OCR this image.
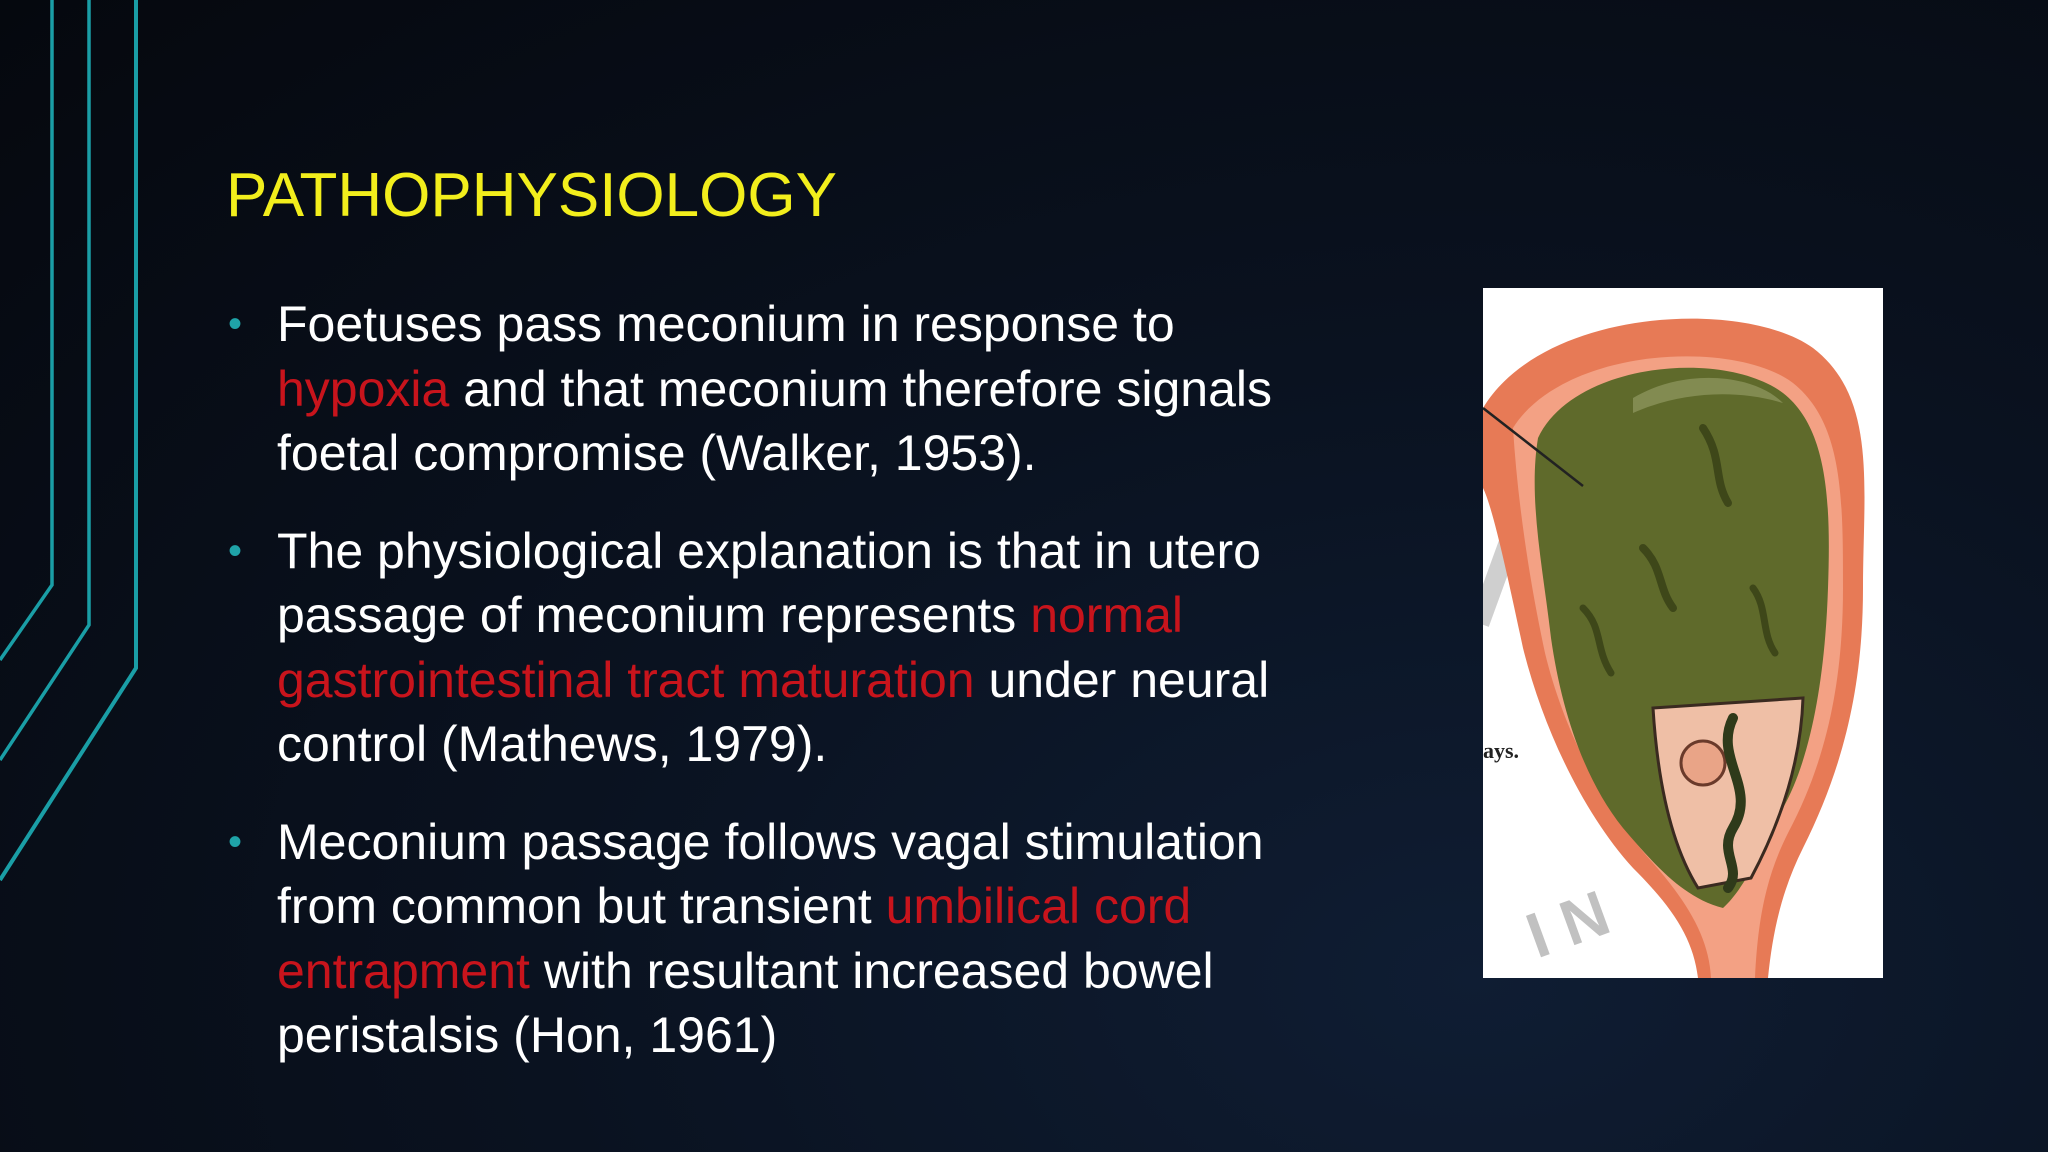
PATHOPHYSIOLOGY
• Foetuses pass meconium in response to hypoxia and that meconium therefore signals foetal compromise (Walker, 1953).
• The physiological explanation is that in utero passage of meconium represents normal gastrointestinal tract maturation under neural control (Mathews, 1979).
• Meconium passage follows vagal stimulation from common but transient umbilical cord entrapment with resultant increased bowel peristalsis (Hon, 1961)
ays.
I N
